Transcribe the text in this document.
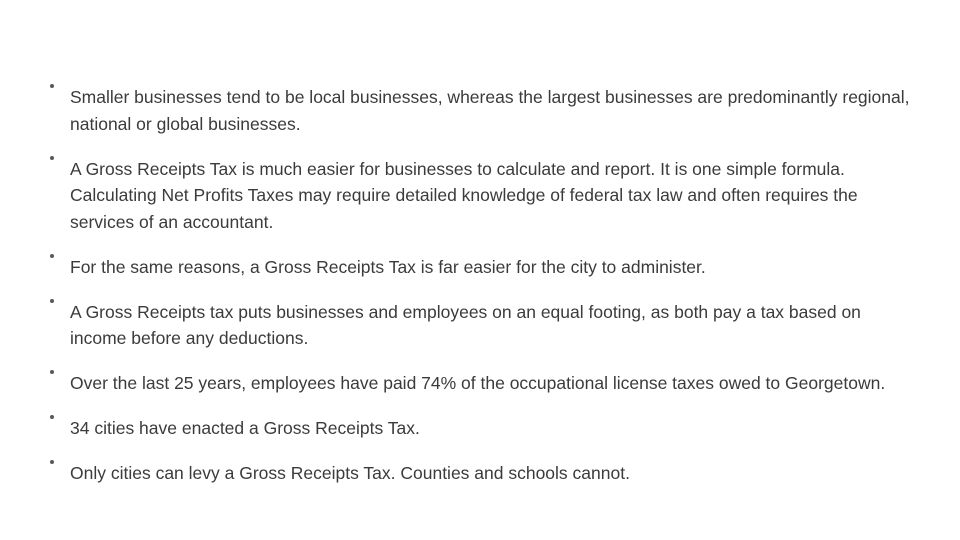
Smaller businesses tend to be local businesses, whereas the largest businesses are predominantly regional, national or global businesses.
A Gross Receipts Tax is much easier for businesses to calculate and report. It is one simple formula. Calculating Net Profits Taxes may require detailed knowledge of federal tax law and often requires the services of an accountant.
For the same reasons, a Gross Receipts Tax is far easier for the city to administer.
A Gross Receipts tax puts businesses and employees on an equal footing, as both pay a tax based on income before any deductions.
Over the last 25 years, employees have paid 74% of the occupational license taxes owed to Georgetown.
34 cities have enacted a Gross Receipts Tax.
Only cities can levy a Gross Receipts Tax. Counties and schools cannot.
